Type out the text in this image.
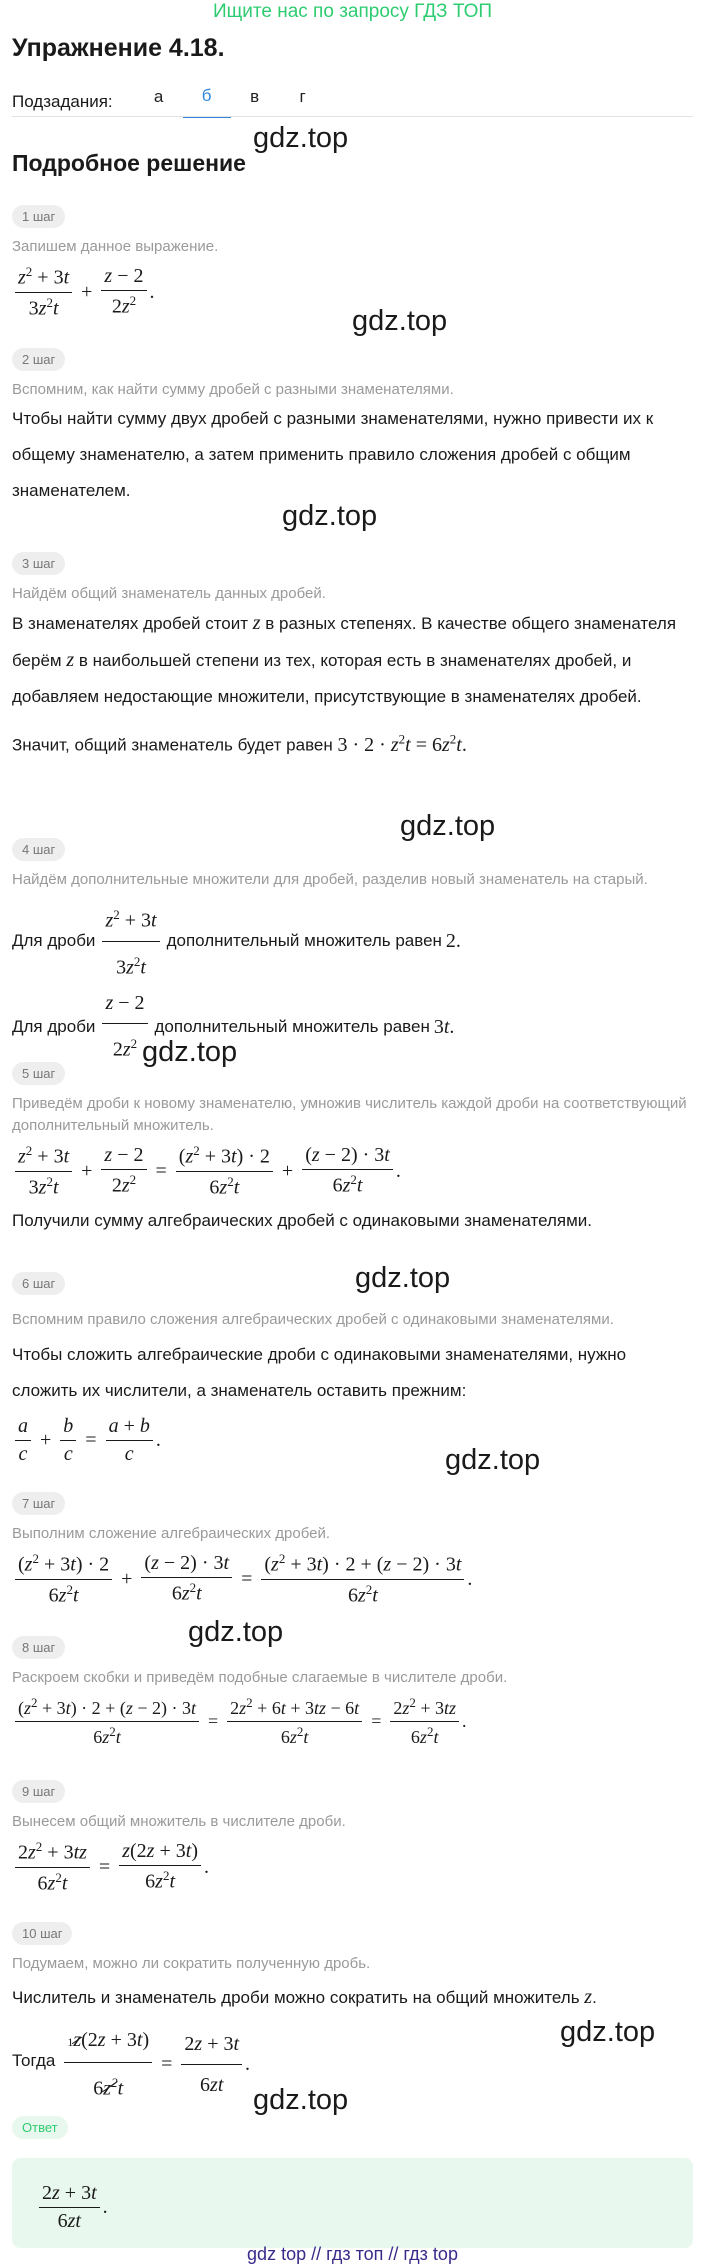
Ищите нас по запросу ГДЗ ТОП
Упражнение 4.18.
Подзадания:	а	б	в	г
Подробное решение
gdz.top
gdz.top
gdz.top
gdz.top
gdz.top
gdz.top
gdz.top
gdz.top
gdz.top
gdz.top
1 шаг
Запишем данное выражение.
$\frac{z^2 + 3t}{3z^2t} + \frac{z - 2}{2z^2}$ .
2 шаг
Вспомним, как найти сумму дробей с разными знаменателями.
Чтобы найти сумму двух дробей с разными знаменателями, нужно привести их к общему знаменателю, а затем применить правило сложения дробей с общим знаменателем.
3 шаг
Найдём общий знаменатель данных дробей.
В знаменателях дробей стоит z в разных степенях. В качестве общего знаменателя берём z в наибольшей степени из тех, которая есть в знаменателях дробей, и добавляем недостающие множители, присутствующие в знаменателях дробей.
Значит, общий знаменатель будет равен $3 \cdot 2 \cdot z^2t = 6z^2t$.
4 шаг
Найдём дополнительные множители для дробей, разделив новый знаменатель на старый.
Для дроби $\frac{z^2 + 3t}{3z^2t}$ дополнительный множитель равен 2.
Для дроби $\frac{z - 2}{2z^2}$ дополнительный множитель равен 3t.
5 шаг
Приведём дроби к новому знаменателю, умножив числитель каждой дроби на соответствующий дополнительный множитель.
$\frac{z^2 + 3t}{3z^2t} + \frac{z - 2}{2z^2} = \frac{(z^2 + 3t) \cdot 2}{6z^2t} + \frac{(z - 2) \cdot 3t}{6z^2t}$ .
Получили сумму алгебраических дробей с одинаковыми знаменателями.
6 шаг
Вспомним правило сложения алгебраических дробей с одинаковыми знаменателями.
Чтобы сложить алгебраические дроби с одинаковыми знаменателями, нужно сложить их числители, а знаменатель оставить прежним:
$\frac{a}{c} + \frac{b}{c} = \frac{a + b}{c}$ .
7 шаг
Выполним сложение алгебраических дробей.
$\frac{(z^2 + 3t) \cdot 2}{6z^2t} + \frac{(z - 2) \cdot 3t}{6z^2t} = \frac{(z^2 + 3t) \cdot 2 + (z - 2) \cdot 3t}{6z^2t}$ .
8 шаг
Раскроем скобки и приведём подобные слагаемые в числителе дроби.
$\frac{(z^2 + 3t) \cdot 2 + (z - 2) \cdot 3t}{6z^2t} = \frac{2z^2 + 6t + 3tz - 6t}{6z^2t} = \frac{2z^2 + 3tz}{6z^2t}$ .
9 шаг
Вынесем общий множитель в числителе дроби.
$\frac{2z^2 + 3tz}{6z^2t} = \frac{z(2z + 3t)}{6z^2t}$ .
10 шаг
Подумаем, можно ли сократить полученную дробь.
Числитель и знаменатель дроби можно сократить на общий множитель z.
Тогда $\frac{1z(2z + 3t)}{6z^2t} = \frac{2z + 3t}{6zt}$ .
Ответ
$\frac{2z + 3t}{6zt}$ .
gdz top // гдз топ // гдз top
